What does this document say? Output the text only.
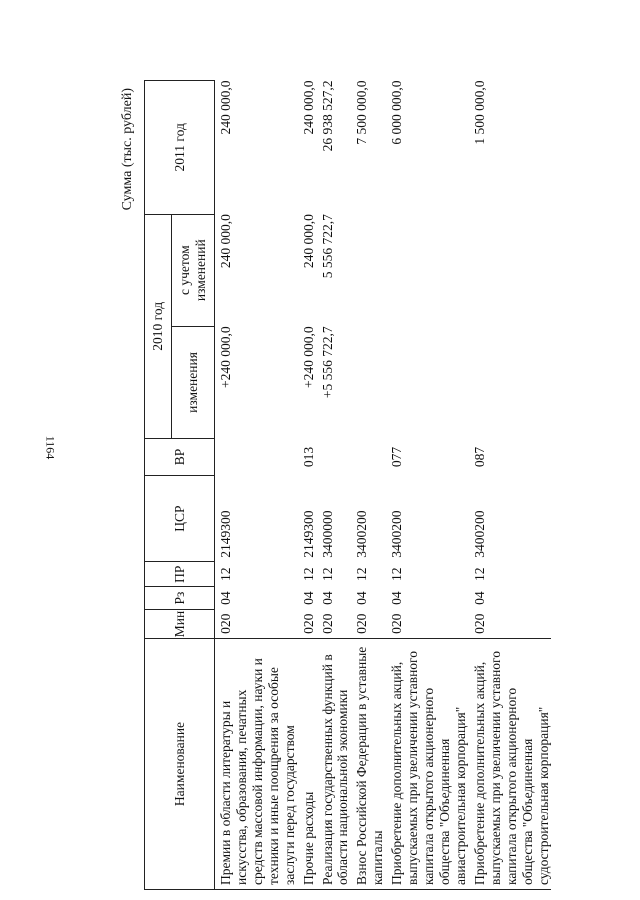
1164
Сумма (тыс. рублей)
Наименование	Мин	Рз	ПР	ЦСР	ВР	2010 год		2011 год
						изменения	с учетом изменений	
Премии в области литературы и искусства, образования, печатных средств массовой информации, науки и техники и иные поощрения за особые заслуги перед государством	020	04	12	2149300		+240 000,0	240 000,0	240 000,0
Прочие расходы	020	04	12	2149300	013	+240 000,0	240 000,0	240 000,0
Реализация государственных функций в области национальной экономики	020	04	12	3400000		+5 556 722,7	5 556 722,7	26 938 527,2
Взнос Российской Федерации в уставные капиталы	020	04	12	3400200				7 500 000,0
Приобретение дополнительных акций, выпускаемых при увеличении уставного капитала открытого акционерного общества "Объединенная авиастроительная корпорация"	020	04	12	3400200	077			6 000 000,0
Приобретение дополнительных акций, выпускаемых при увеличении уставного капитала открытого акционерного общества "Объединенная судостроительная корпорация"	020	04	12	3400200	087			1 500 000,0
